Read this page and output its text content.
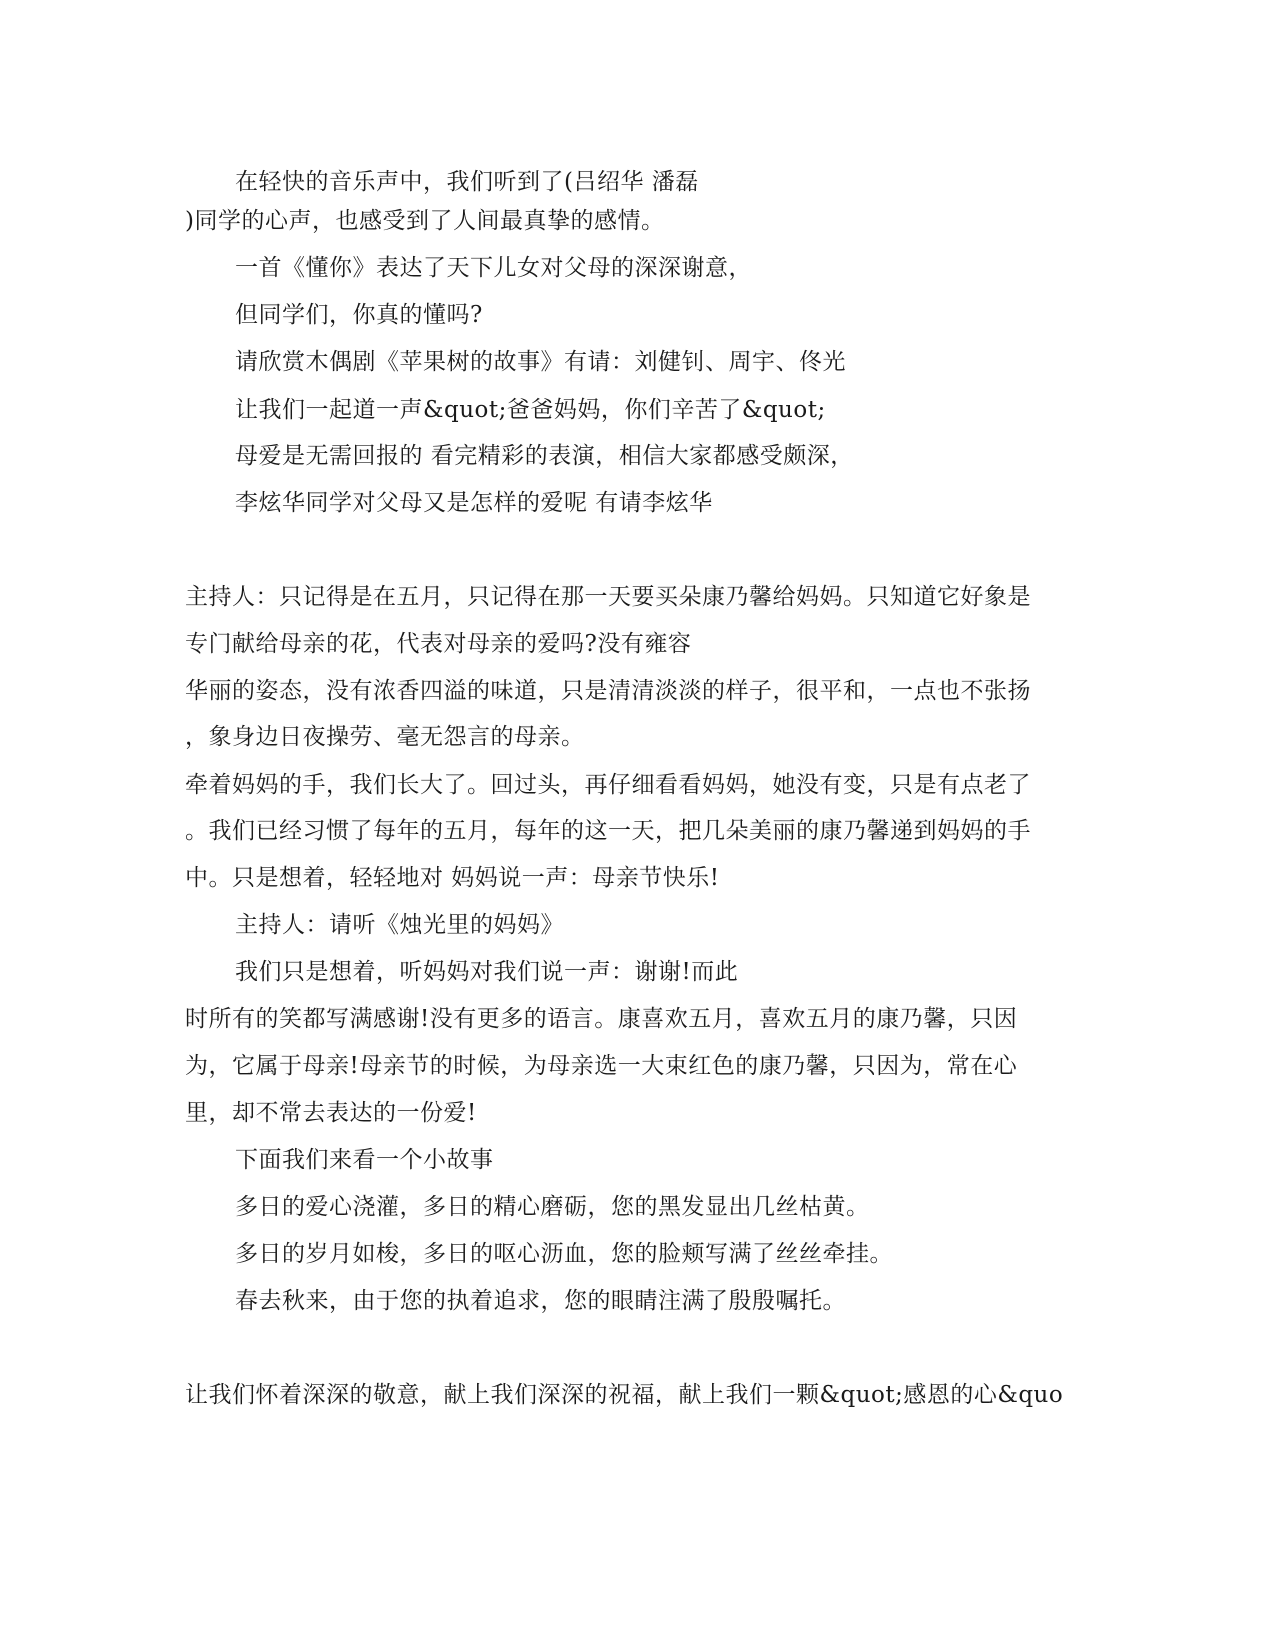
在轻快的音乐声中，我们听到了(吕绍华 潘磊
)同学的心声，也感受到了人间最真挚的感情。
一首《懂你》表达了天下儿女对父母的深深谢意，
但同学们，你真的懂吗?
请欣赏木偶剧《苹果树的故事》有请：刘健钊、周宇、佟光
让我们一起道一声&quot;爸爸妈妈，你们辛苦了&quot;
母爱是无需回报的 看完精彩的表演，相信大家都感受颇深，
李炫华同学对父母又是怎样的爱呢 有请李炫华
主持人：只记得是在五月，只记得在那一天要买朵康乃馨给妈妈。只知道它好象是
专门献给母亲的花，代表对母亲的爱吗?没有雍容
华丽的姿态，没有浓香四溢的味道，只是清清淡淡的样子，很平和，一点也不张扬
，象身边日夜操劳、毫无怨言的母亲。
牵着妈妈的手，我们长大了。回过头，再仔细看看妈妈，她没有变，只是有点老了
。我们已经习惯了每年的五月，每年的这一天，把几朵美丽的康乃馨递到妈妈的手
中。只是想着，轻轻地对 妈妈说一声：母亲节快乐!
主持人：请听《烛光里的妈妈》
我们只是想着，听妈妈对我们说一声：谢谢!而此
时所有的笑都写满感谢!没有更多的语言。康喜欢五月，喜欢五月的康乃馨，只因
为，它属于母亲!母亲节的时候，为母亲选一大束红色的康乃馨，只因为，常在心
里，却不常去表达的一份爱!
下面我们来看一个小故事
多日的爱心浇灌，多日的精心磨砺，您的黑发显出几丝枯黄。
多日的岁月如梭，多日的呕心沥血，您的脸颊写满了丝丝牵挂。
春去秋来，由于您的执着追求，您的眼睛注满了殷殷嘱托。
让我们怀着深深的敬意，献上我们深深的祝福，献上我们一颗&quot;感恩的心&quo
